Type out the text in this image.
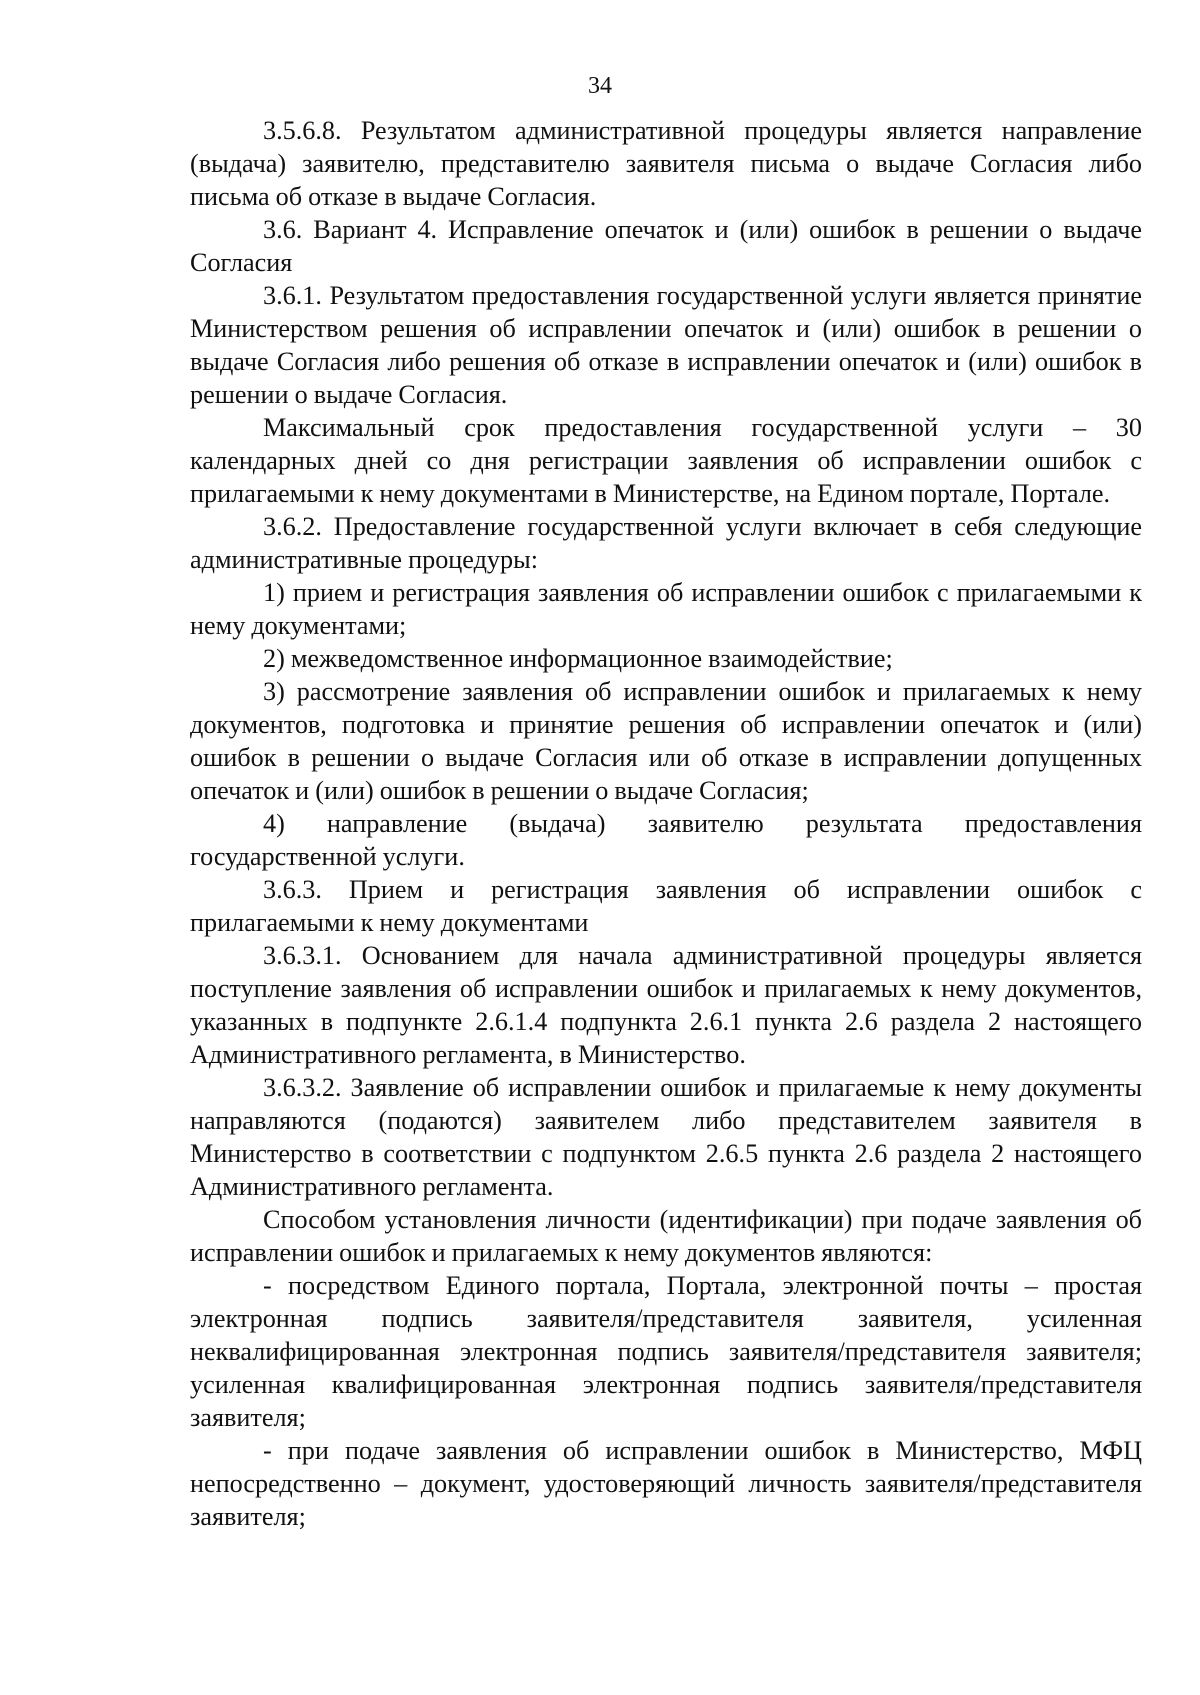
34

3.5.6.8. Результатом административной процедуры является направление (выдача) заявителю, представителю заявителя письма о выдаче Согласия либо письма об отказе в выдаче Согласия.

3.6. Вариант 4. Исправление опечаток и (или) ошибок в решении о выдаче Согласия

3.6.1. Результатом предоставления государственной услуги является принятие Министерством решения об исправлении опечаток и (или) ошибок в решении о выдаче Согласия либо решения об отказе в исправлении опечаток и (или) ошибок в решении о выдаче Согласия.

Максимальный срок предоставления государственной услуги – 30 календарных дней со дня регистрации заявления об исправлении ошибок с прилагаемыми к нему документами в Министерстве, на Едином портале, Портале.

3.6.2. Предоставление государственной услуги включает в себя следующие административные процедуры:

1) прием и регистрация заявления об исправлении ошибок с прилагаемыми к нему документами;

2) межведомственное информационное взаимодействие;

3) рассмотрение заявления об исправлении ошибок и прилагаемых к нему документов, подготовка и принятие решения об исправлении опечаток и (или) ошибок в решении о выдаче Согласия или об отказе в исправлении допущенных опечаток и (или) ошибок в решении о выдаче Согласия;

4) направление (выдача) заявителю результата предоставления государственной услуги.

3.6.3. Прием и регистрация заявления об исправлении ошибок с прилагаемыми к нему документами

3.6.3.1. Основанием для начала административной процедуры является поступление заявления об исправлении ошибок и прилагаемых к нему документов, указанных в подпункте 2.6.1.4 подпункта 2.6.1 пункта 2.6 раздела 2 настоящего Административного регламента, в Министерство.

3.6.3.2. Заявление об исправлении ошибок и прилагаемые к нему документы направляются (подаются) заявителем либо представителем заявителя в Министерство в соответствии с подпунктом 2.6.5 пункта 2.6 раздела 2 настоящего Административного регламента.

Способом установления личности (идентификации) при подаче заявления об исправлении ошибок и прилагаемых к нему документов являются:

- посредством Единого портала, Портала, электронной почты – простая электронная подпись заявителя/представителя заявителя, усиленная неквалифицированная электронная подпись заявителя/представителя заявителя; усиленная квалифицированная электронная подпись заявителя/представителя заявителя;

- при подаче заявления об исправлении ошибок в Министерство, МФЦ непосредственно – документ, удостоверяющий личность заявителя/представителя заявителя;
